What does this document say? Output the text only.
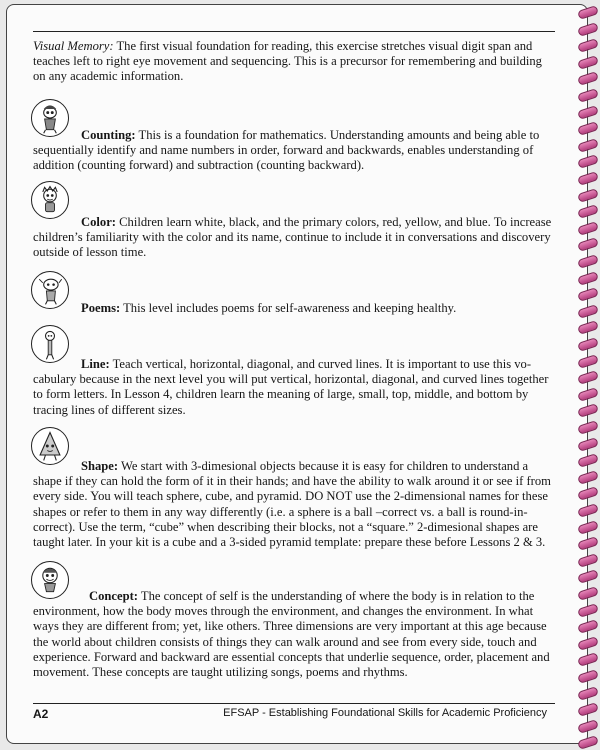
Visual Memory: The first visual foundation for reading, this exercise stretches visual digit span and teaches left to right eye movement and sequencing. This is a precursor for remembering and building on any academic information.
Counting: This is a foundation for mathematics. Understanding amounts and being able to sequentially identify and name numbers in order, forward and backwards, enables understanding of addition (counting forward) and subtraction (counting backward).
Color: Children learn white, black, and the primary colors, red, yellow, and blue. To increase children’s familiarity with the color and its name, continue to include it in conversations and discovery outside of lesson time.
Poems: This level includes poems for self-awareness and keeping healthy.
Line: Teach vertical, horizontal, diagonal, and curved lines. It is important to use this vo-cabulary because in the next level you will put vertical, horizontal, diagonal, and curved lines together to form letters. In Lesson 4, children learn the meaning of large, small, top, middle, and bottom by tracing lines of different sizes.
Shape: We start with 3-dimesional objects because it is easy for children to understand a shape if they can hold the form of it in their hands; and have the ability to walk around it or see if from every side. You will teach sphere, cube, and pyramid. DO NOT use the 2-dimensional names for these shapes or refer to them in any way differently (i.e. a sphere is a ball –correct vs. a ball is round-in-correct). Use the term, “cube” when describing their blocks, not a “square.” 2-dimesional shapes are taught later. In your kit is a cube and a 3-sided pyramid template: prepare these before Lessons 2 & 3.
Concept: The concept of self is the understanding of where the body is in relation to the environment, how the body moves through the environment, and changes the environment. In what ways they are different from; yet, like others. Three dimensions are very important at this age because the world about children consists of things they can walk around and see from every side, touch and experience. Forward and backward are essential concepts that underlie sequence, order, placement and movement. These concepts are taught utilizing songs, poems and rhythms.
A2	EFSAP - Establishing Foundational Skills for Academic Proficiency
